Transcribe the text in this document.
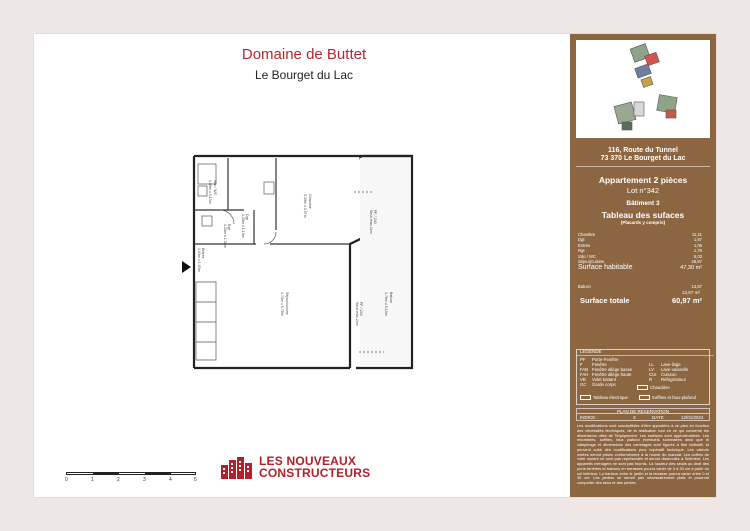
Domaine de Buttet
Le Bourget du Lac
Sdo / WC
1,86m x 3,13m	Chambre
3,19m x 3,97m
Dgt
1,28m x 1,19m
Rgt
1,28m x 1,38m
Entrée
1,03m x 1,03m
Séjour/cuisine
4,73m x 5,78m	Balcon
1,70m x 5,10m
PF / 240
Seuil max 2cm
Seuil max 2cm PF / 240
0	1	2	3	4	5
LES NOUVEAUX
CONSTRUCTEURS
116, Route du Tunnel
73 370 Le Bourget du Lac
Appartement 2 pièces
Lot n°342
Bâtiment 3
Tableau des sufaces
(Placards y compris)
Chambre	11,21
Dgt	1,67
Entrée	1,06
Rgt	1,76
Sdo / WC	5,03
Séjour/cuisine	26,57
Surface habitable	47,30 m²
Balcon	13,67
13,67 m²
Surface totale	60,97 m²
LEGENDE
PF Porte-Fenêtre
F Fenêtre
FAB Fenêtre allège basse
FAH Fenêtre allège haute
VB Volet battant
GC Garde corps
LL Lave-linge
LV Lave-vaisselle
CUI Cuisson
R Réfrigérateur
Chaudière
Tableau électrique	Soffites et faux-plafond
PLAN DE RESERVATION
INDICE :	3	DATE	12/01/2024
Les modifications sont susceptibles d'être apportées à ce plan en fonction des nécessités techniques, de la réalisation tout en ce qui concerne les dimensions dites de l'équipement. Les surfaces sont approximatives. Les retombées, soffites, faux plafond éventuels sommaires ainsi que le calepinage et dimensions des carrelages sont figurés à titre indicatif, et peuvent subir des modifications pour impératif technique. Les valeurs notées seront prises conformément à la norme du mandat. Les coffres de volet roulant ne sont pas représentés et seront dissimulés à l'intérieur. Les appareils ménagers ne sont pas fournis. La hauteur des seuils au droit des porte-fenêtres et balcons en terrasses pourra varier de 0 à 20 cm à partir du sol intérieur. La hauteur entre le jardin et la terrasse pourra varier entre 0 et 30 cm. Les jardins ne seront pas nécessairement plats et pourront comporter des talus et des pentes.
